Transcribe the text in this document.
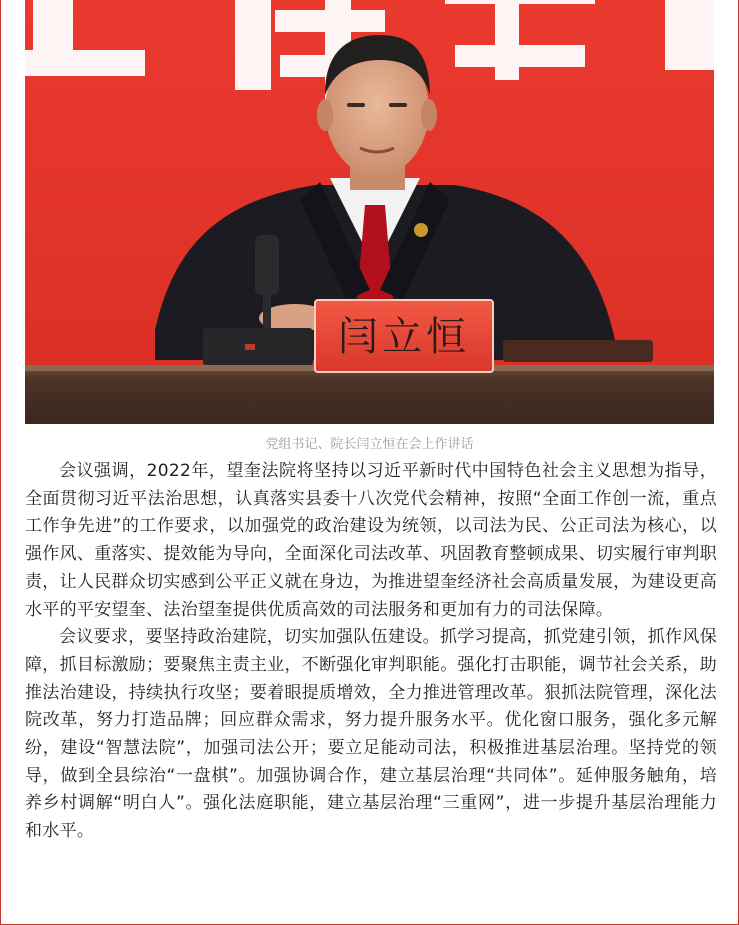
闫立恒
党组书记、院长闫立恒在会上作讲话

会议强调，2022年，望奎法院将坚持以习近平新时代中国特色社会主义思想为指导，全面贯彻习近平法治思想，认真落实县委十八次党代会精神，按照“全面工作创一流，重点工作争先进”的工作要求，以加强党的政治建设为统领，以司法为民、公正司法为核心，以强作风、重落实、提效能为导向，全面深化司法改革、巩固教育整顿成果、切实履行审判职责，让人民群众切实感到公平正义就在身边，为推进望奎经济社会高质量发展，为建设更高水平的平安望奎、法治望奎提供优质高效的司法服务和更加有力的司法保障。

会议要求，要坚持政治建院，切实加强队伍建设。抓学习提高，抓党建引领，抓作风保障，抓目标激励；要聚焦主责主业，不断强化审判职能。强化打击职能，调节社会关系，助推法治建设，持续执行攻坚；要着眼提质增效，全力推进管理改革。狠抓法院管理，深化法院改革，努力打造品牌；回应群众需求，努力提升服务水平。优化窗口服务，强化多元解纷，建设“智慧法院”，加强司法公开；要立足能动司法，积极推进基层治理。坚持党的领导，做到全县综治“一盘棋”。加强协调合作，建立基层治理“共同体”。延伸服务触角，培养乡村调解“明白人”。强化法庭职能，建立基层治理“三重网”，进一步提升基层治理能力和水平。
